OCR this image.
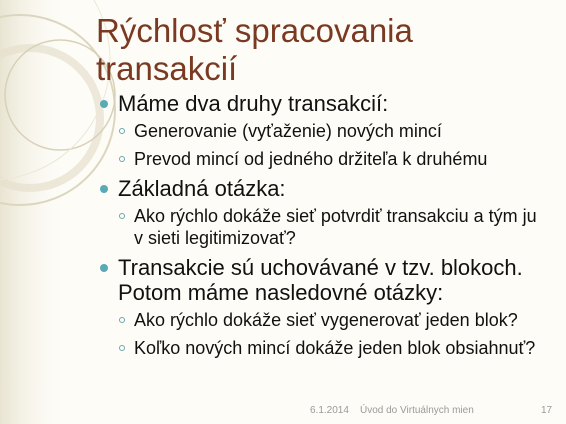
Rýchlosť spracovania
transakcií
Máme dva druhy transakcií:
Generovanie (vyťaženie) nových mincí
Prevod mincí od jedného držiteľa k druhému
Základná otázka:
Ako rýchlo dokáže sieť potvrdiť transakciu a tým ju v sieti legitimizovať?
Transakcie sú uchovávané v tzv. blokoch. Potom máme nasledovné otázky:
Ako rýchlo dokáže sieť vygenerovať jeden blok?
Koľko nových mincí dokáže jeden blok obsiahnuť?
6.1.2014 Úvod do Virtuálnych mien	17
